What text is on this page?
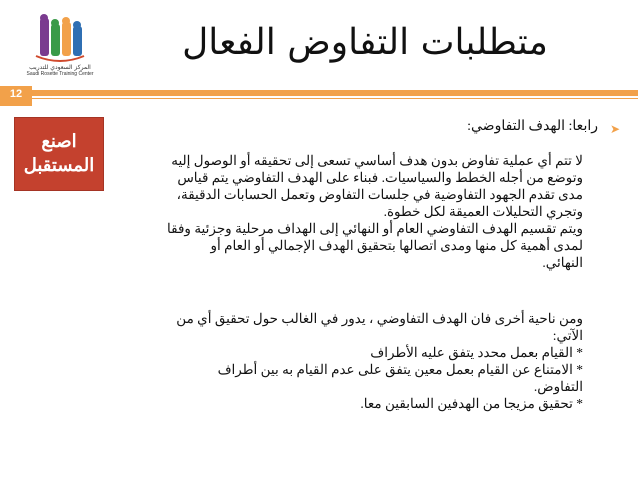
المركز السعودي للتدريب
Saudi Rosette Training Center
متطلبات التفاوض الفعال
12
اصنع
المستقبل
➤
رابعا: الهدف التفاوضي:
لا تتم أي عملية تفاوض بدون هدف أساسي تسعى إلى تحقيقه أو الوصول إليه
وتوضع من أجله الخطط والسياسيات. فبناء على الهدف التفاوضي يتم قياس
مدى تقدم الجهود التفاوضية في جلسات التفاوض وتعمل الحسابات الدقيقة،
وتجري التحليلات العميقة لكل خطوة.
ويتم تقسيم الهدف التفاوضي العام أو النهائي إلى الهداف مرحلية وجزئية وفقا
لمدى أهمية كل منها ومدى اتصالها بتحقيق الهدف الإجمالي أو العام أو
النهائي.
ومن ناحية أخرى فان الهدف التفاوضي ، يدور في الغالب حول تحقيق أي من
الآتي:
* القيام بعمل محدد يتفق عليه الأطراف
* الامتناع عن القيام بعمل معين يتفق على عدم القيام به بين أطراف
التفاوض.
* تحقيق مزيجا من الهدفين السابقين معا.
